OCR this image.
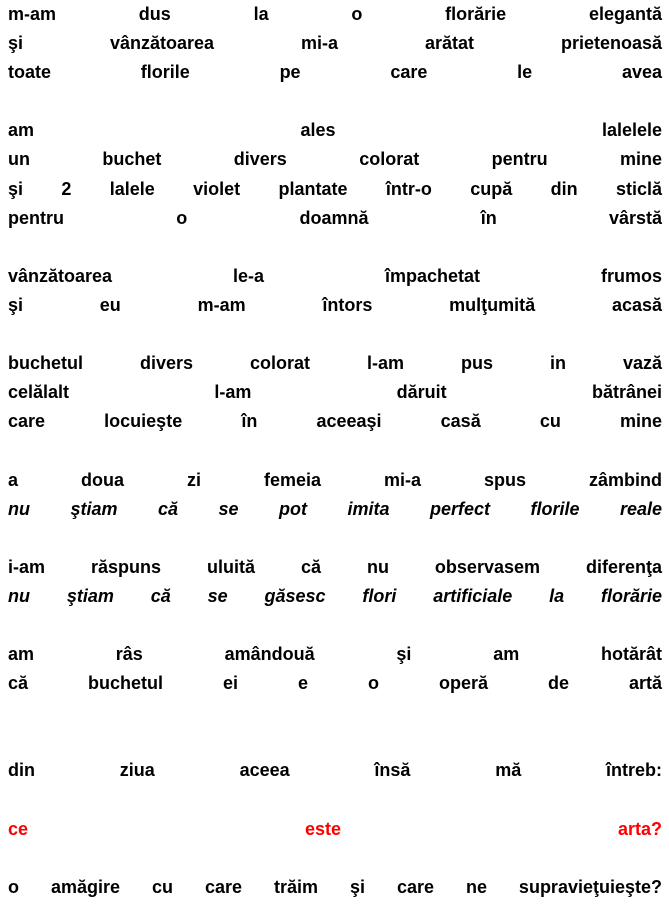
m-am dus la o florărie elegantă
şi vânzătoarea mi-a arătat prietenoasă
toate florile pe care le avea
am ales lalelele
un buchet divers colorat pentru mine
şi 2 lalele violet plantate într-o cupă din sticlă
pentru o doamnă în vârstă
vânzătoarea le-a împachetat frumos
şi eu m-am întors mulţumită acasă
buchetul divers colorat l-am pus in vază
celălalt l-am dăruit bătrânei
care locuieşte în aceeaşi casă cu mine
a doua zi femeia mi-a spus zâmbind
nu ştiam că se pot imita perfect florile reale
i-am răspuns uluită că nu observasem diferenţa
nu ştiam că se găsesc flori artificiale la florărie
am râs amândouă şi am hotărât
că buchetul ei e o operă de artă
din ziua aceea însă mă întreb:
ce este arta?
o amăgire cu care trăim şi care ne supravieţuieşte?
